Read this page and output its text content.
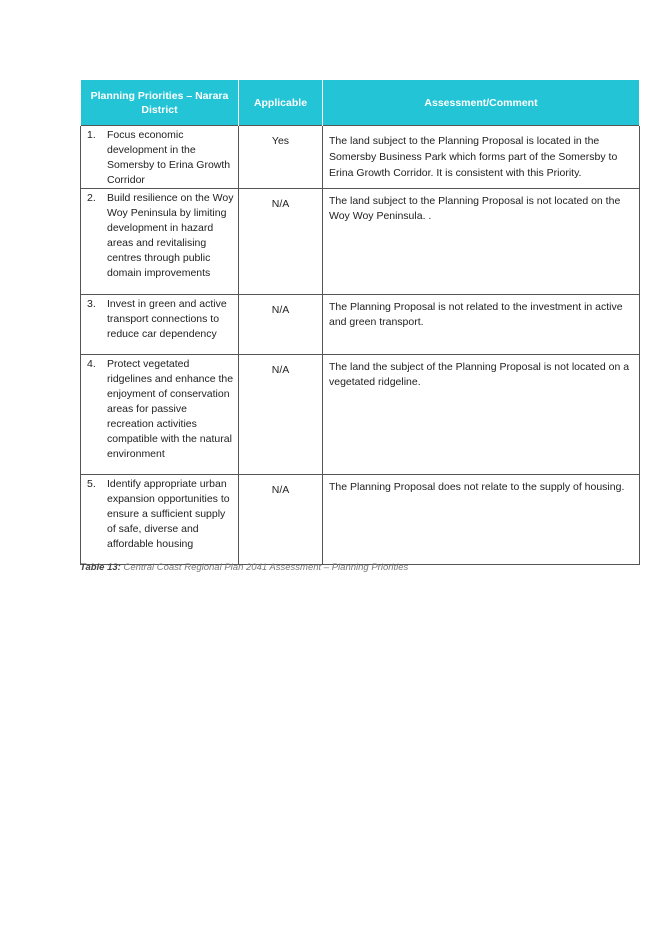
Planning Priorities – Narara District	Applicable	Assessment/Comment

1. Focus economic development in the Somersby to Erina Growth Corridor	Yes	The land subject to the Planning Proposal is located in the Somersby Business Park which forms part of the Somersby to Erina Growth Corridor. It is consistent with this Priority.

2. Build resilience on the Woy Woy Peninsula by limiting development in hazard areas and revitalising centres through public domain improvements	N/A	The land subject to the Planning Proposal is not located on the Woy Woy Peninsula. .

3. Invest in green and active transport connections to reduce car dependency	N/A	The Planning Proposal is not related to the investment in active and green transport.

4. Protect vegetated ridgelines and enhance the enjoyment of conservation areas for passive recreation activities compatible with the natural environment	N/A	The land the subject of the Planning Proposal is not located on a vegetated ridgeline.

5. Identify appropriate urban expansion opportunities to ensure a sufficient supply of safe, diverse and affordable housing	N/A	The Planning Proposal does not relate to the supply of housing.
Table 13: Central Coast Regional Plan 2041 Assessment – Planning Priorities
